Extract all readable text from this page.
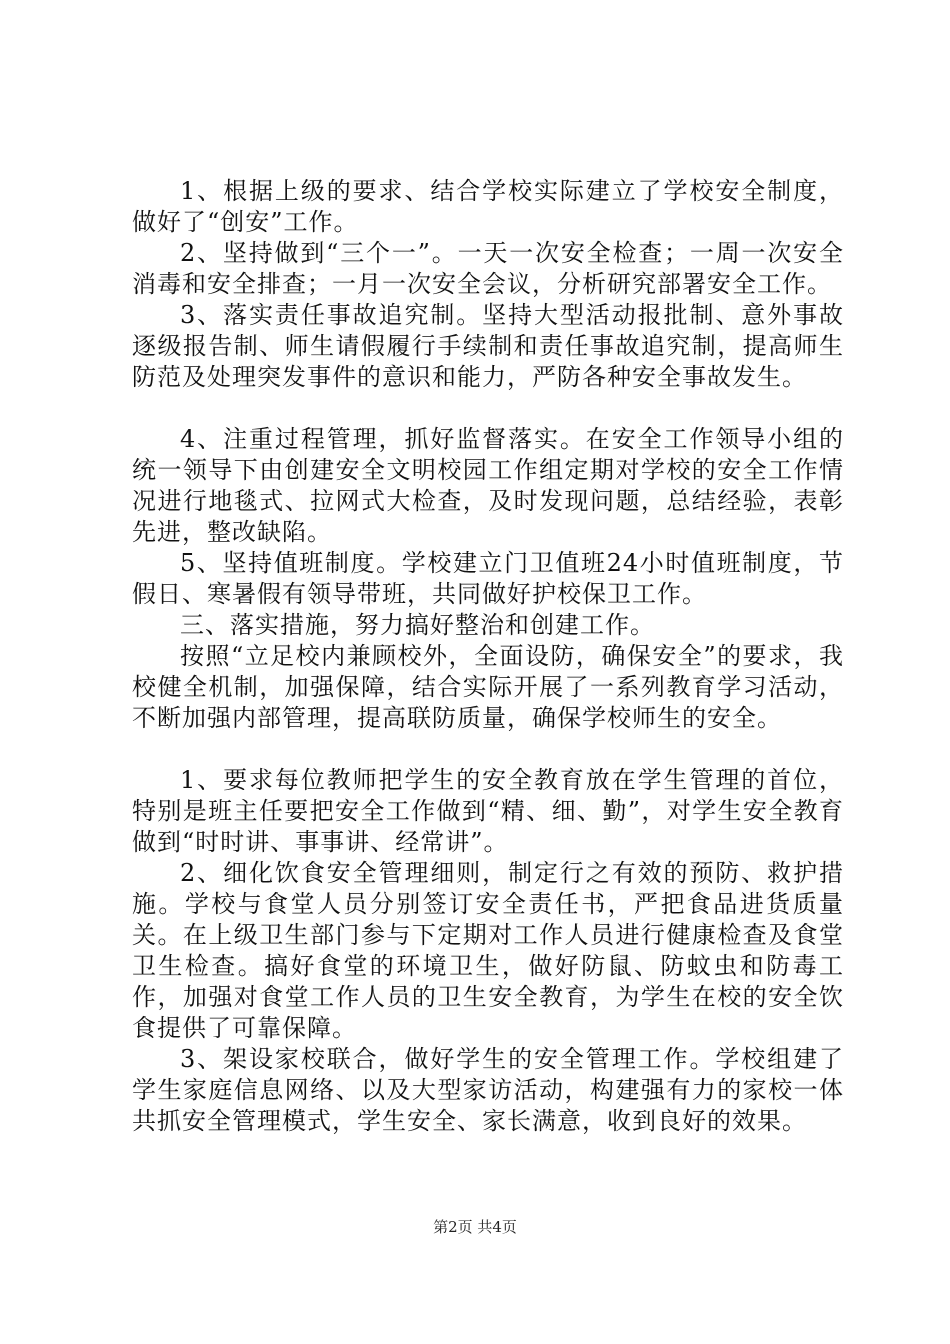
1、根据上级的要求、结合学校实际建立了学校安全制度，做好了“创安”工作。

2、坚持做到“三个一”。一天一次安全检查；一周一次安全消毒和安全排查；一月一次安全会议，分析研究部署安全工作。

3、落实责任事故追究制。坚持大型活动报批制、意外事故逐级报告制、师生请假履行手续制和责任事故追究制，提高师生防范及处理突发事件的意识和能力，严防各种安全事故发生。

4、注重过程管理，抓好监督落实。在安全工作领导小组的统一领导下由创建安全文明校园工作组定期对学校的安全工作情况进行地毯式、拉网式大检查，及时发现问题，总结经验，表彰先进，整改缺陷。

5、坚持值班制度。学校建立门卫值班24小时值班制度，节假日、寒暑假有领导带班，共同做好护校保卫工作。

三、落实措施，努力搞好整治和创建工作。

按照“立足校内兼顾校外，全面设防，确保安全”的要求，我校健全机制，加强保障，结合实际开展了一系列教育学习活动，不断加强内部管理，提高联防质量，确保学校师生的安全。

1、要求每位教师把学生的安全教育放在学生管理的首位，特别是班主任要把安全工作做到“精、细、勤”，对学生安全教育做到“时时讲、事事讲、经常讲”。

2、细化饮食安全管理细则，制定行之有效的预防、救护措施。学校与食堂人员分别签订安全责任书，严把食品进货质量关。在上级卫生部门参与下定期对工作人员进行健康检查及食堂卫生检查。搞好食堂的环境卫生，做好防鼠、防蚊虫和防毒工作，加强对食堂工作人员的卫生安全教育，为学生在校的安全饮食提供了可靠保障。

3、架设家校联合，做好学生的安全管理工作。学校组建了学生家庭信息网络、以及大型家访活动，构建强有力的家校一体共抓安全管理模式，学生安全、家长满意，收到良好的效果。

第2页 共4页
